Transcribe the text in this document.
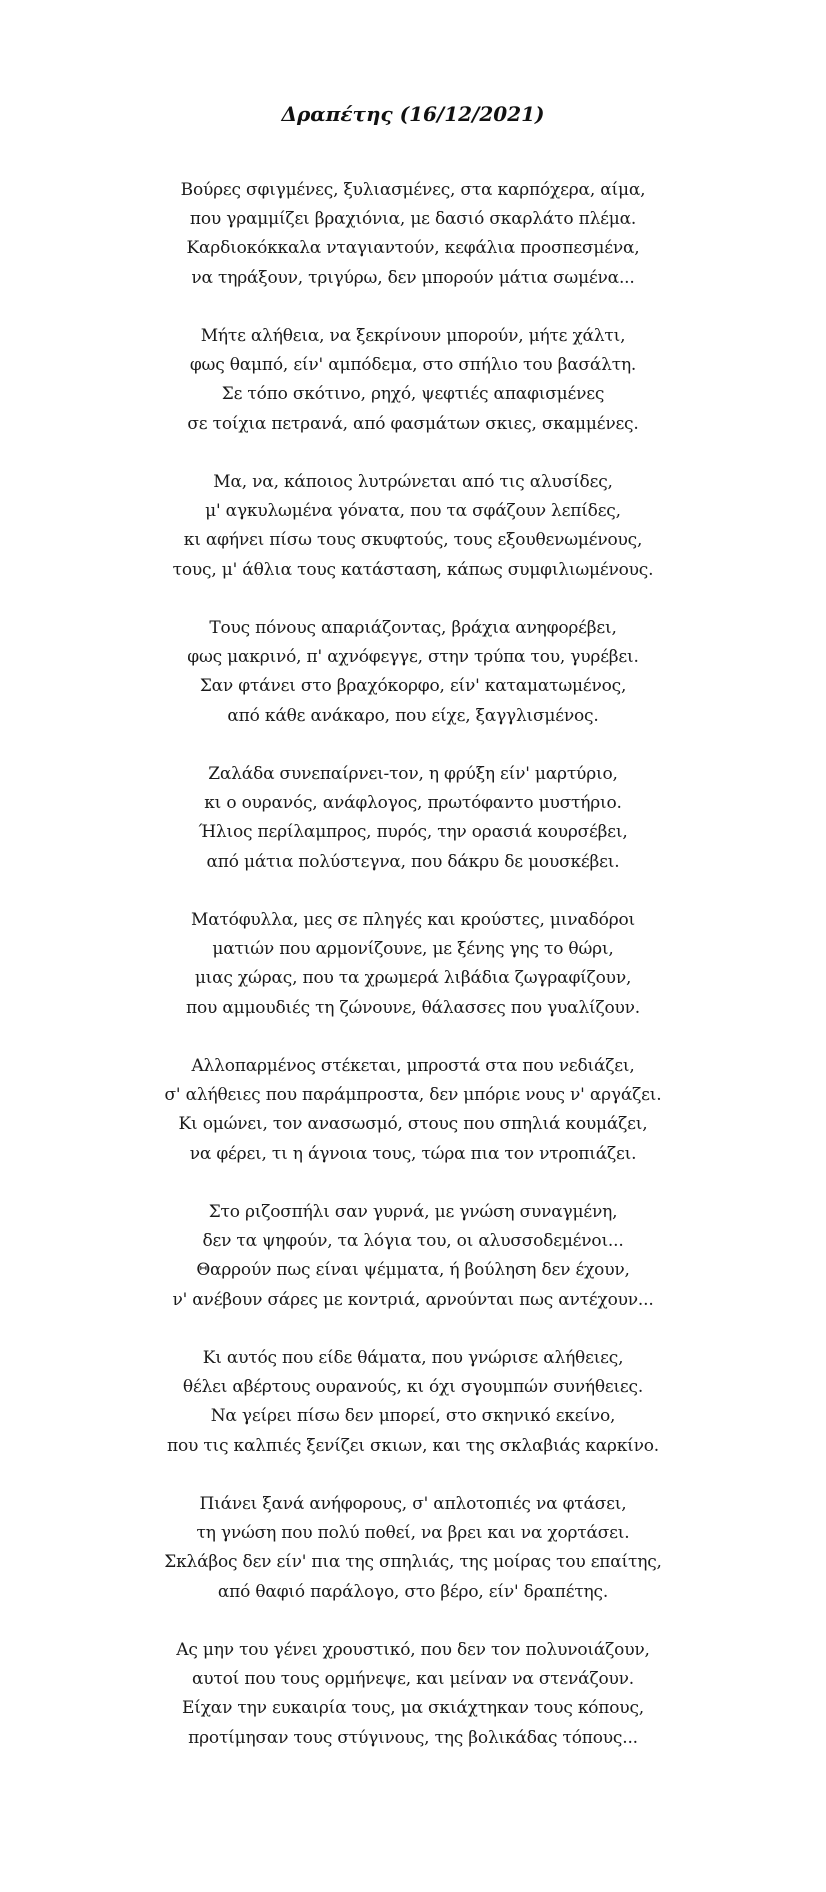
Δραπέτης (16/12/2021)
Βούρες σφιγμένες, ξυλιασμένες, στα καρπόχερα, αίμα,
που γραμμίζει βραχιόνια, με δασιό σκαρλάτο πλέμα.
Καρδιοκόκκαλα νταγιαντούν, κεφάλια προσπεσμένα,
να τηράξουν, τριγύρω, δεν μπορούν μάτια σωμένα...
Μήτε αλήθεια, να ξεκρίνουν μπορούν, μήτε χάλτι,
φως θαμπό, είν' αμπόδεμα, στο σπήλιο του βασάλτη.
Σε τόπο σκότινο, ρηχό, ψεφτιές απαφισμένες
σε τοίχια πετρανά, από φασμάτων σκιες, σκαμμένες.
Μα, να, κάποιος λυτρώνεται από τις αλυσίδες,
μ' αγκυλωμένα γόνατα, που τα σφάζουν λεπίδες,
κι αφήνει πίσω τους σκυφτούς, τους εξουθενωμένους,
τους, μ' άθλια τους κατάσταση, κάπως συμφιλιωμένους.
Τους πόνους απαριάζοντας, βράχια ανηφορέβει,
φως μακρινό, π' αχνόφεγγε, στην τρύπα του, γυρέβει.
Σαν φτάνει στο βραχόκορφο, είν' καταματωμένος,
από κάθε ανάκαρο, που είχε, ξαγγλισμένος.
Ζαλάδα συνεπαίρνει-τον, η φρύξη είν' μαρτύριο,
κι ο ουρανός, ανάφλογος, πρωτόφαντο μυστήριο.
Ήλιος περίλαμπρος, πυρός, την ορασιά κουρσέβει,
από μάτια πολύστεγνα, που δάκρυ δε μουσκέβει.
Ματόφυλλα, μες σε πληγές και κρούστες, μιναδόροι
ματιών που αρμονίζουνε, με ξένης γης το θώρι,
μιας χώρας, που τα χρωμερά λιβάδια ζωγραφίζουν,
που αμμουδιές τη ζώνουνε, θάλασσες που γυαλίζουν.
Αλλοπαρμένος στέκεται, μπροστά στα που νεδιάζει,
σ' αλήθειες που παράμπροστα, δεν μπόριε νους ν' αργάζει.
Κι ομώνει, τον ανασωσμό, στους που σπηλιά κουμάζει,
να φέρει, τι η άγνοια τους, τώρα πια τον ντροπιάζει.
Στο ριζοσπήλι σαν γυρνά, με γνώση συναγμένη,
δεν τα ψηφούν, τα λόγια του, οι αλυσσοδεμένοι...
Θαρρούν πως είναι ψέμματα, ή βούληση δεν έχουν,
ν' ανέβουν σάρες με κοντριά, αρνούνται πως αντέχουν...
Κι αυτός που είδε θάματα, που γνώρισε αλήθειες,
θέλει αβέρτους ουρανούς, κι όχι σγουμπών συνήθειες.
Να γείρει πίσω δεν μπορεί, στο σκηνικό εκείνο,
που τις καλπιές ξενίζει σκιων, και της σκλαβιάς καρκίνο.
Πιάνει ξανά ανήφορους, σ' απλοτοπιές να φτάσει,
τη γνώση που πολύ ποθεί, να βρει και να χορτάσει.
Σκλάβος δεν είν' πια της σπηλιάς, της μοίρας του επαίτης,
από θαφιό παράλογο, στο βέρο, είν' δραπέτης.
Ας μην του γένει χρουστικό, που δεν τον πολυνοιάζουν,
αυτοί που τους ορμήνεψε, και μείναν να στενάζουν.
Είχαν την ευκαιρία τους, μα σκιάχτηκαν τους κόπους,
προτίμησαν τους στύγινους, της βολικάδας τόπους...
